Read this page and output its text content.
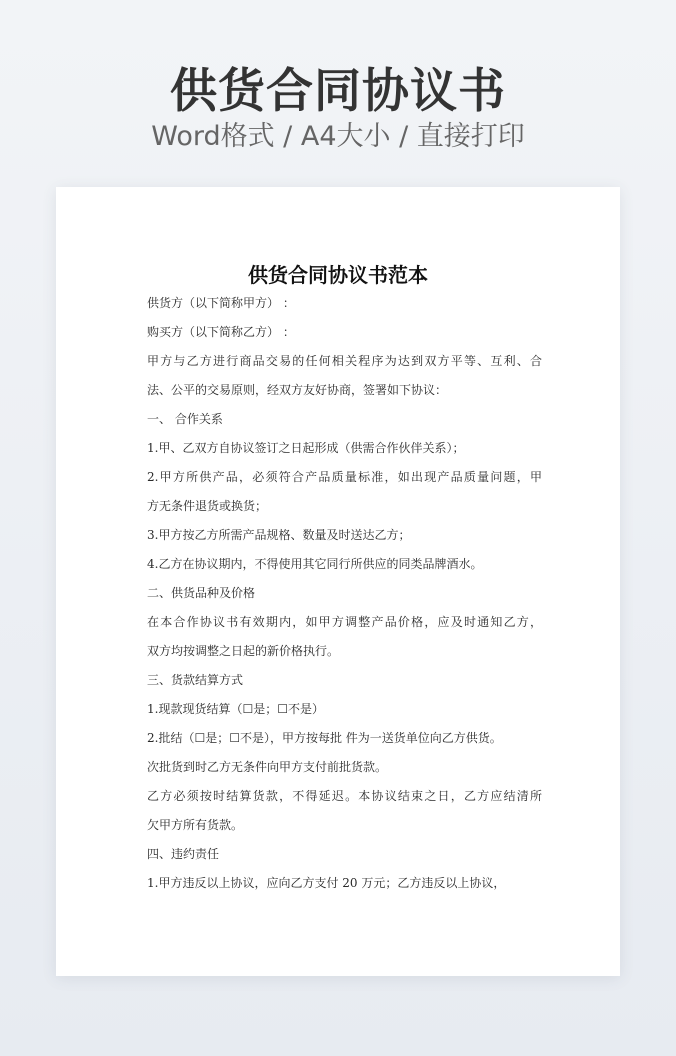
供货合同协议书
Word格式 / A4大小 / 直接打印
供货合同协议书范本
供货方（以下简称甲方） ：
购买方（以下简称乙方） ：
甲方与乙方进行商品交易的任何相关程序为达到双方平等、互利、合
法、公平的交易原则，经双方友好协商，签署如下协议：
一、 合作关系
1.甲、乙双方自协议签订之日起形成（供需合作伙伴关系）；
2.甲方所供产品，必须符合产品质量标准，如出现产品质量问题，甲
方无条件退货或换货；
3.甲方按乙方所需产品规格、数量及时送达乙方；
4.乙方在协议期内，不得使用其它同行所供应的同类品牌酒水。
二、供货品种及价格
在本合作协议书有效期内，如甲方调整产品价格，应及时通知乙方，
双方均按调整之日起的新价格执行。
三、货款结算方式
1.现款现货结算（☐是；☐不是）
2.批结（☐是；☐不是），甲方按每批 件为一送货单位向乙方供货。
次批货到时乙方无条件向甲方支付前批货款。
乙方必须按时结算货款，不得延迟。本协议结束之日，乙方应结清所
欠甲方所有货款。
四、违约责任
1.甲方违反以上协议，应向乙方支付 20 万元；乙方违反以上协议，
